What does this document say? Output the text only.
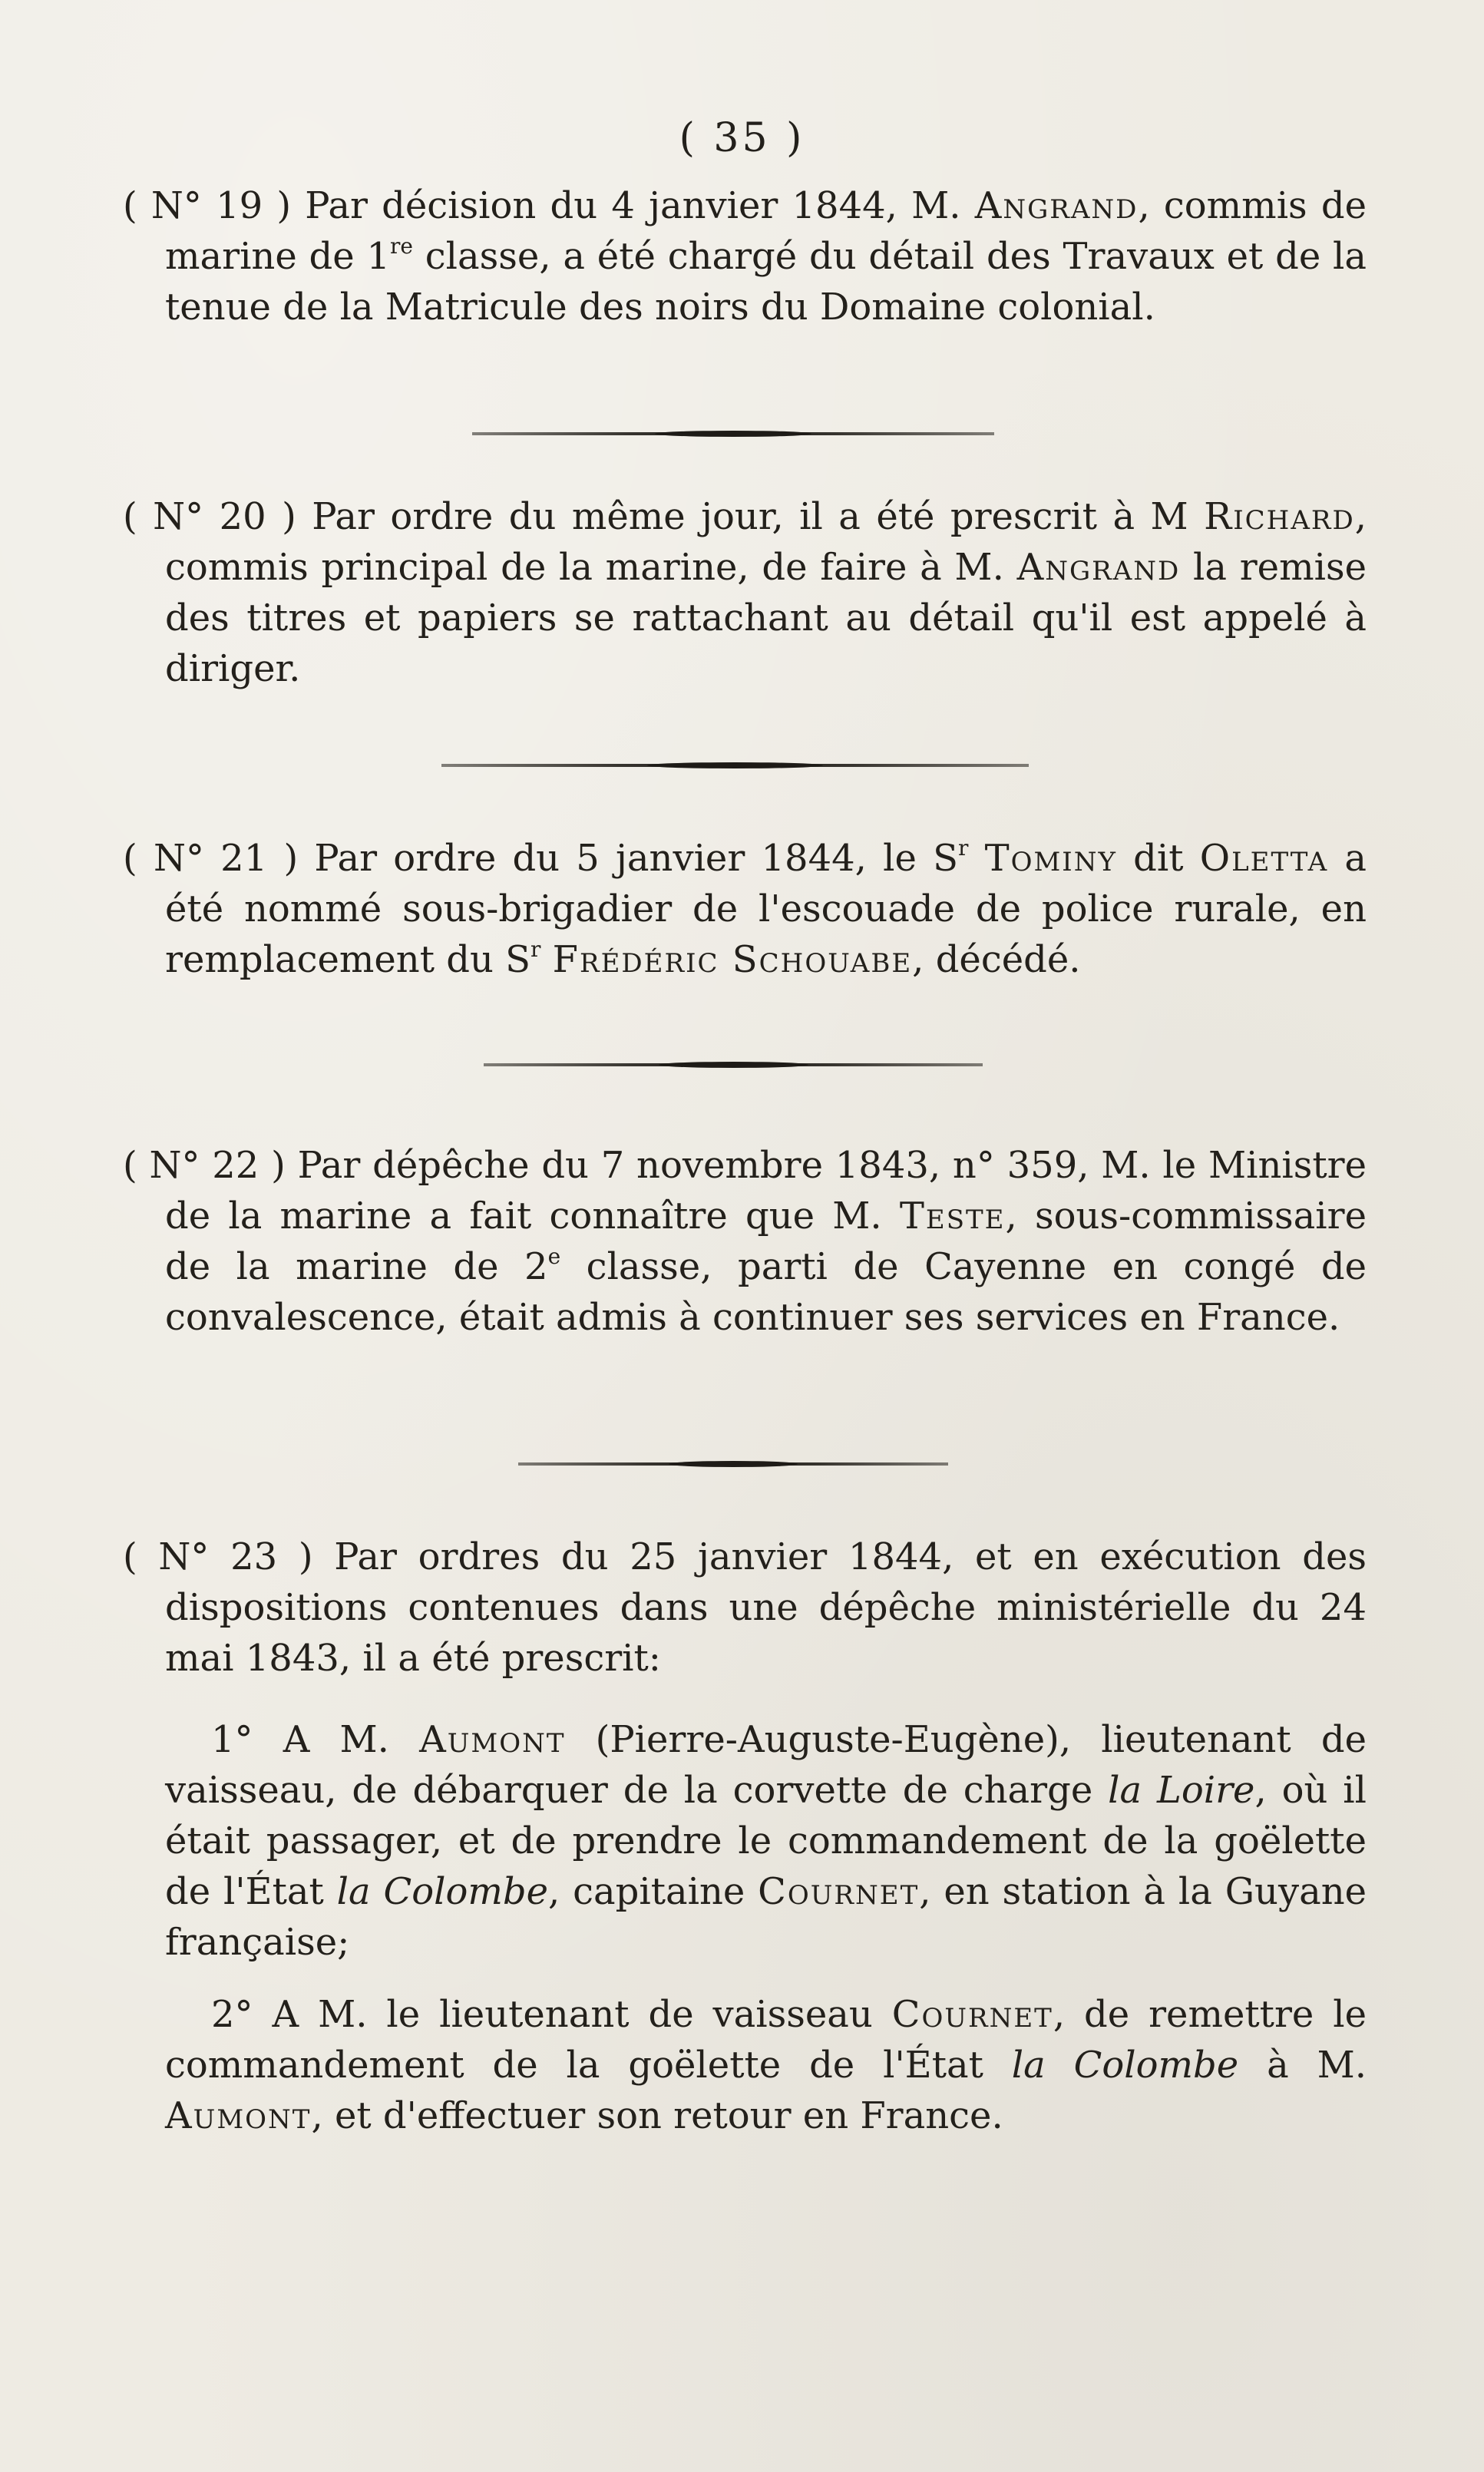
( 35 )

( N° 19 ) Par décision du 4 janvier 1844, M. Angrand, commis de marine de 1re classe, a été chargé du détail des Travaux et de la tenue de la Matricule des noirs du Domaine colonial.

( N° 20 ) Par ordre du même jour, il a été prescrit à M Richard, commis principal de la marine, de faire à M. Angrand la remise des titres et papiers se rattachant au détail qu'il est appelé à diriger.

( N° 21 ) Par ordre du 5 janvier 1844, le $S^r$ Tominy dit Oletta a été nommé sous-brigadier de l'escouade de police rurale, en remplacement du $S^r$ Frédéric Schouabe, décédé.

( N° 22 ) Par dépêche du 7 novembre 1843, n° 359, M. le Ministre de la marine a fait connaître que M. Teste, sous-commissaire de la marine de 2e classe, parti de Cayenne en congé de convalescence, était admis à continuer ses services en France.

( N° 23 ) Par ordres du 25 janvier 1844, et en exécution des dispositions contenues dans une dépêche ministérielle du 24 mai 1843, il a été prescrit:

1° A M. Aumont (Pierre-Auguste-Eugène), lieutenant de vaisseau, de débarquer de la corvette de charge la Loire, où il était passager, et de prendre le commandement de la goëlette de l'État la Colombe, capitaine Cournet, en station à la Guyane française;

2° A M. le lieutenant de vaisseau Cournet, de remettre le commandement de la goëlette de l'État la Colombe à M. Aumont, et d'effectuer son retour en France.
